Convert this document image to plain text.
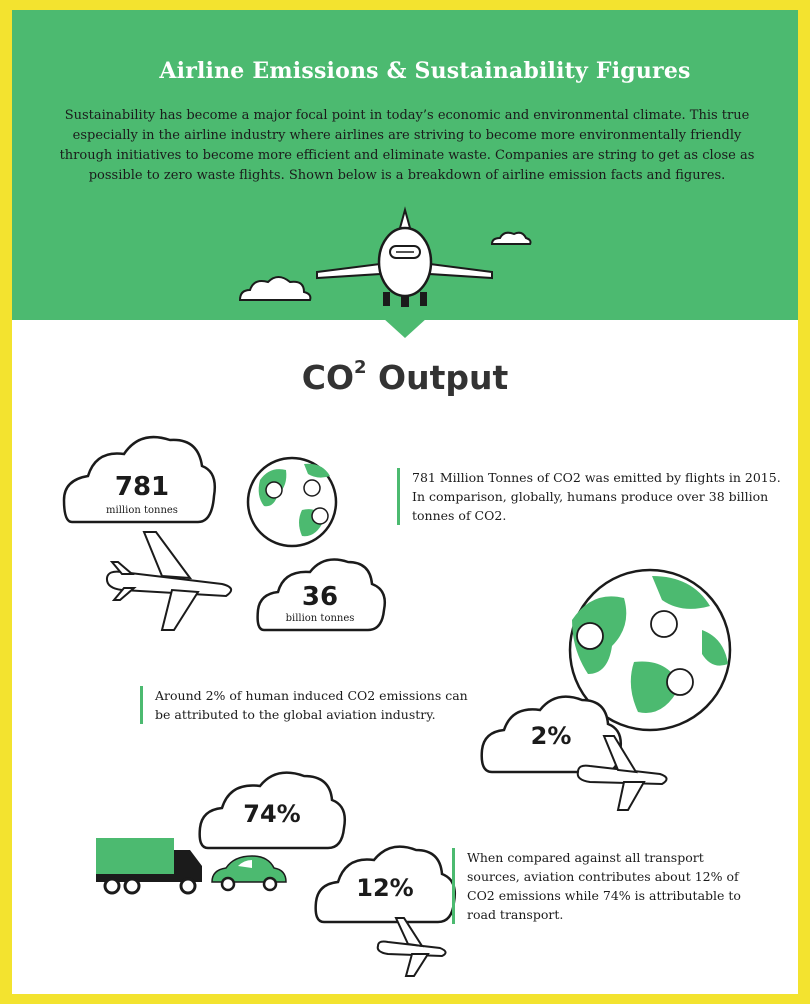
Airline Emissions & Sustainability Figures

Sustainability has become a major focal point in today’s economic and environmental climate. This true especially in the airline industry where airlines are striving to become more environmentally friendly through initiatives to become more efficient and eliminate waste. Companies are string to get as close as possible to zero waste flights. Shown below is a breakdown of airline emission facts and figures.

$CO^2$ Output
781
million tonnes
36
billion tonnes
2%
74%
12%

781 Million Tonnes of CO2 was emitted by flights in 2015. In comparison, globally, humans produce over 38 billion tonnes of CO2.

Around 2% of human induced CO2 emissions can be attributed to the global aviation industry.

When compared against all transport sources, aviation contributes about 12% of CO2 emissions while 74% is attributable to road transport.
